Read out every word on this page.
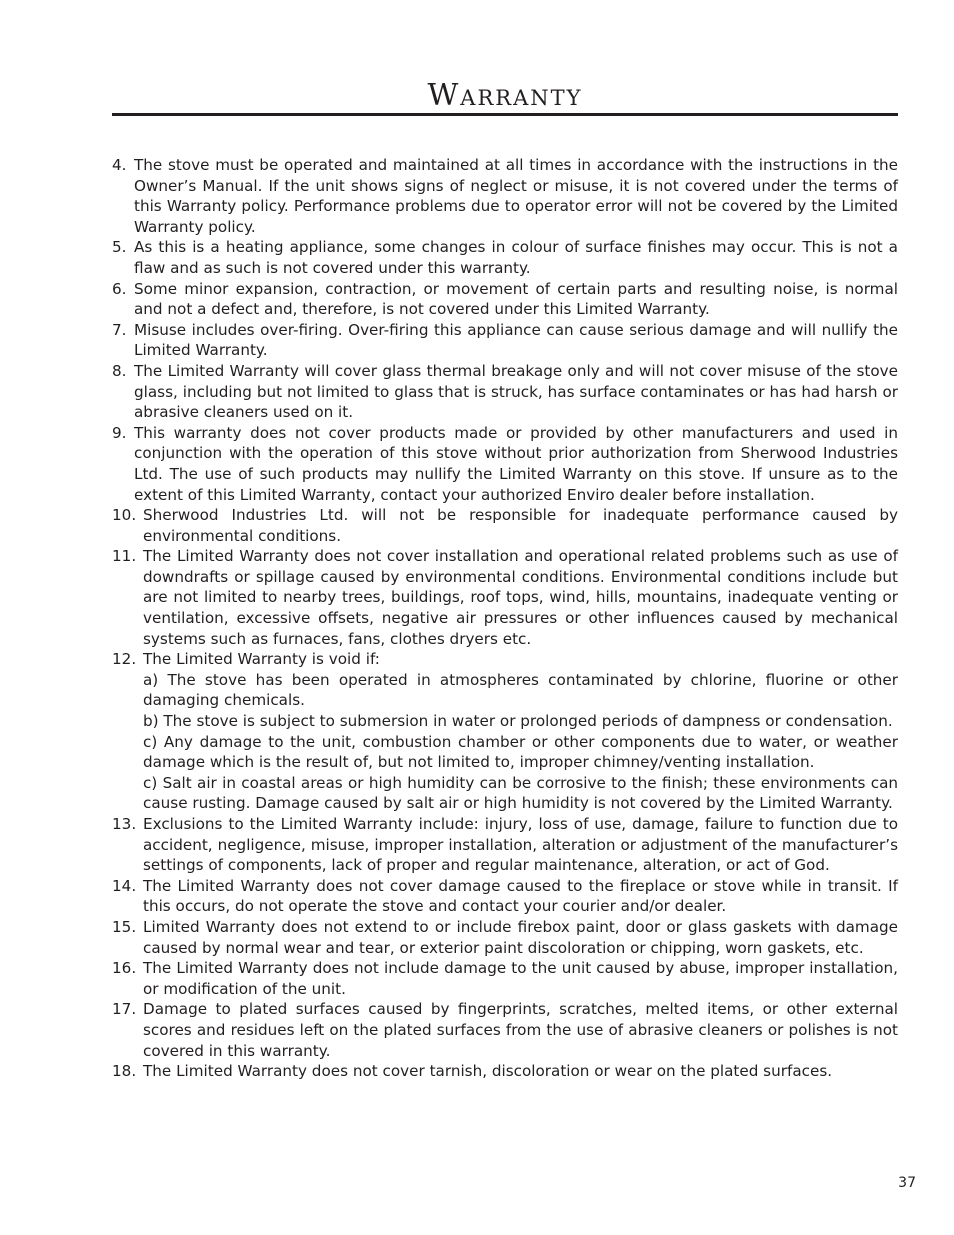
Warranty
4. The stove must be operated and maintained at all times in accordance with the instructions in the Owner’s Manual. If the unit shows signs of neglect or misuse, it is not covered under the terms of this Warranty policy. Performance problems due to operator error will not be covered by the Limited Warranty policy.
5. As this is a heating appliance, some changes in colour of surface finishes may occur. This is not a flaw and as such is not covered under this warranty.
6. Some minor expansion, contraction, or movement of certain parts and resulting noise, is normal and not a defect and, therefore, is not covered under this Limited Warranty.
7. Misuse includes over-firing. Over-firing this appliance can cause serious damage and will nullify the Limited Warranty.
8. The Limited Warranty will cover glass thermal breakage only and will not cover misuse of the stove glass, including but not limited to glass that is struck, has surface contaminates or has had harsh or abrasive cleaners used on it.
9. This warranty does not cover products made or provided by other manufacturers and used in conjunction with the operation of this stove without prior authorization from Sherwood Industries Ltd. The use of such products may nullify the Limited Warranty on this stove. If unsure as to the extent of this Limited Warranty, contact your authorized Enviro dealer before installation.
10. Sherwood Industries Ltd. will not be responsible for inadequate performance caused by environmental conditions.
11. The Limited Warranty does not cover installation and operational related problems such as use of downdrafts or spillage caused by environmental conditions. Environmental conditions include but are not limited to nearby trees, buildings, roof tops, wind, hills, mountains, inadequate venting or ventilation, excessive offsets, negative air pressures or other influences caused by mechanical systems such as furnaces, fans, clothes dryers etc.
12. The Limited Warranty is void if:
a) The stove has been operated in atmospheres contaminated by chlorine, fluorine or other damaging chemicals.
b) The stove is subject to submersion in water or prolonged periods of dampness or condensation.
c) Any damage to the unit, combustion chamber or other components due to water, or weather damage which is the result of, but not limited to, improper chimney/venting installation.
c) Salt air in coastal areas or high humidity can be corrosive to the finish; these environments can cause rusting. Damage caused by salt air or high humidity is not covered by the Limited Warranty.
13. Exclusions to the Limited Warranty include: injury, loss of use, damage, failure to function due to accident, negligence, misuse, improper installation, alteration or adjustment of the manufacturer’s settings of components, lack of proper and regular maintenance, alteration, or act of God.
14. The Limited Warranty does not cover damage caused to the fireplace or stove while in transit. If this occurs, do not operate the stove and contact your courier and/or dealer.
15. Limited Warranty does not extend to or include firebox paint, door or glass gaskets with damage caused by normal wear and tear, or exterior paint discoloration or chipping, worn gaskets, etc.
16. The Limited Warranty does not include damage to the unit caused by abuse, improper installation, or modification of the unit.
17. Damage to plated surfaces caused by fingerprints, scratches, melted items, or other external scores and residues left on the plated surfaces from the use of abrasive cleaners or polishes is not covered in this warranty.
18. The Limited Warranty does not cover tarnish, discoloration or wear on the plated surfaces.
37
